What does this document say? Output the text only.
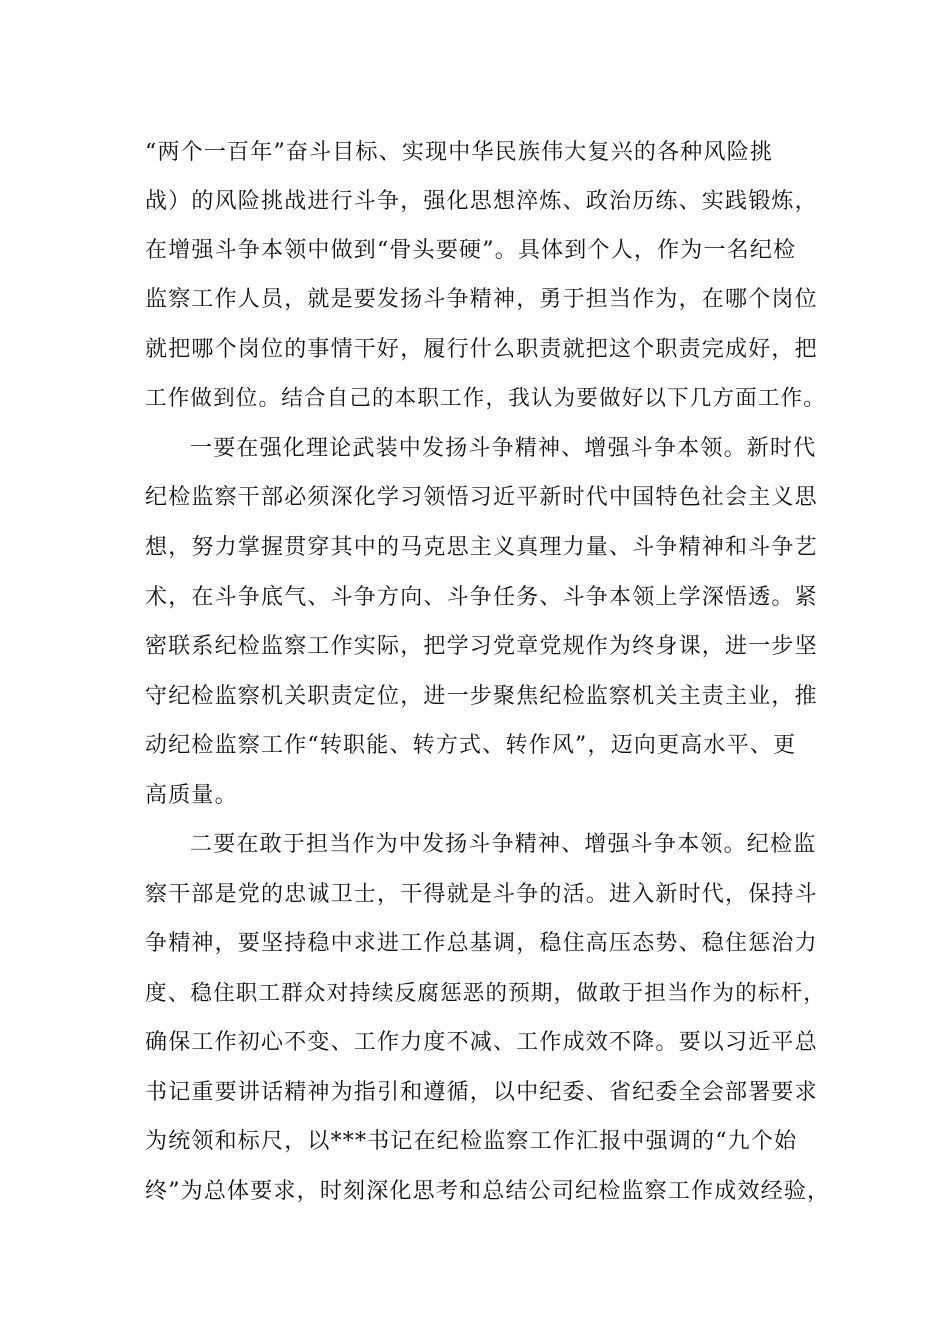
“两个一百年”奋斗目标、实现中华民族伟大复兴的各种风险挑
战）的风险挑战进行斗争，强化思想淬炼、政治历练、实践锻炼，
在增强斗争本领中做到“骨头要硬”。具体到个人，作为一名纪检
监察工作人员，就是要发扬斗争精神，勇于担当作为，在哪个岗位
就把哪个岗位的事情干好，履行什么职责就把这个职责完成好，把
工作做到位。结合自己的本职工作，我认为要做好以下几方面工作。
一要在强化理论武装中发扬斗争精神、增强斗争本领。新时代
纪检监察干部必须深化学习领悟习近平新时代中国特色社会主义思
想，努力掌握贯穿其中的马克思主义真理力量、斗争精神和斗争艺
术，在斗争底气、斗争方向、斗争任务、斗争本领上学深悟透。紧
密联系纪检监察工作实际，把学习党章党规作为终身课，进一步坚
守纪检监察机关职责定位，进一步聚焦纪检监察机关主责主业，推
动纪检监察工作“转职能、转方式、转作风”，迈向更高水平、更
高质量。
二要在敢于担当作为中发扬斗争精神、增强斗争本领。纪检监
察干部是党的忠诚卫士，干得就是斗争的活。进入新时代，保持斗
争精神，要坚持稳中求进工作总基调，稳住高压态势、稳住惩治力
度、稳住职工群众对持续反腐惩恶的预期，做敢于担当作为的标杆，
确保工作初心不变、工作力度不减、工作成效不降。要以习近平总
书记重要讲话精神为指引和遵循，以中纪委、省纪委全会部署要求
为统领和标尺，以***书记在纪检监察工作汇报中强调的“九个始
终”为总体要求，时刻深化思考和总结公司纪检监察工作成效经验，
